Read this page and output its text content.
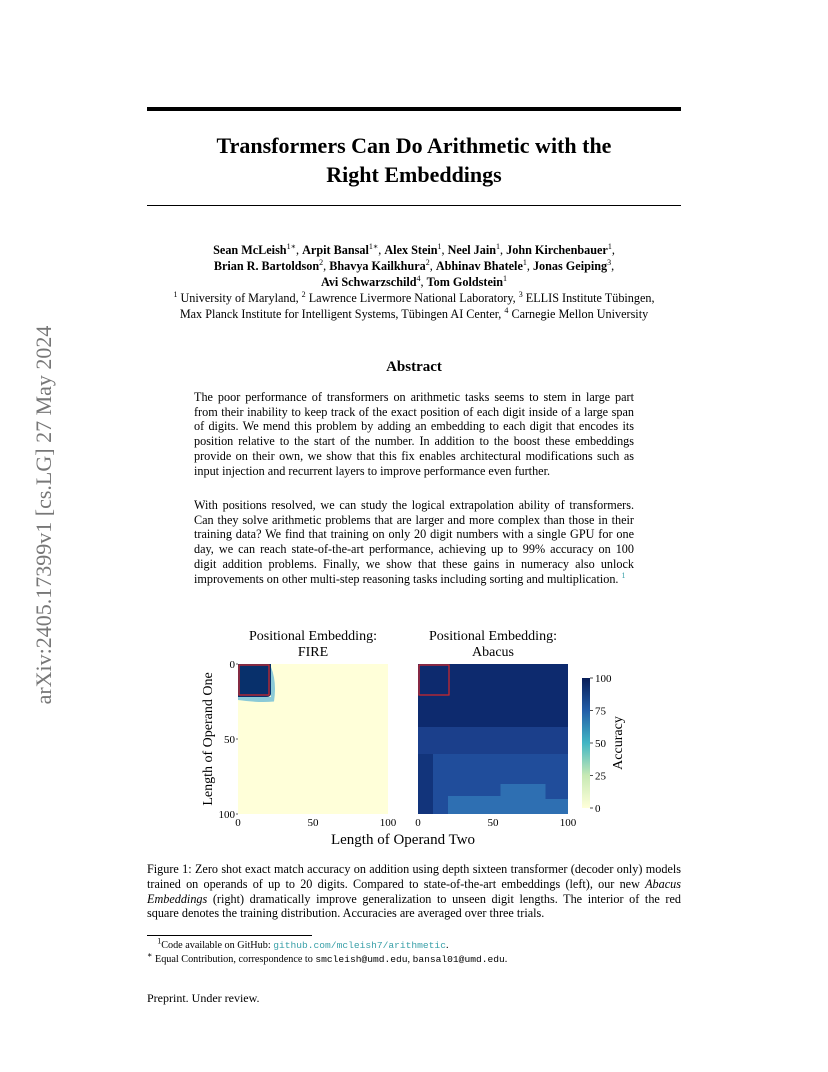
arXiv:2405.17399v1 [cs.LG] 27 May 2024
Transformers Can Do Arithmetic with the
Right Embeddings
Sean McLeish$^{1∗}$, Arpit Bansal$^{1∗}$, Alex Stein$^1$, Neel Jain$^1$, John Kirchenbauer$^1$,
Brian R. Bartoldson$^2$, Bhavya Kailkhura$^2$, Abhinav Bhatele$^1$, Jonas Geiping$^3$,
Avi Schwarzschild$^4$, Tom Goldstein$^1$
$^1$ University of Maryland, $^2$ Lawrence Livermore National Laboratory, $^3$ ELLIS Institute Tübingen,
Max Planck Institute for Intelligent Systems, Tübingen AI Center, $^4$ Carnegie Mellon University
Abstract
The poor performance of transformers on arithmetic tasks seems to stem in large part from their inability to keep track of the exact position of each digit inside of a large span of digits. We mend this problem by adding an embedding to each digit that encodes its position relative to the start of the number. In addition to the boost these embeddings provide on their own, we show that this fix enables architectural modifications such as input injection and recurrent layers to improve performance even further.
With positions resolved, we can study the logical extrapolation ability of transformers. Can they solve arithmetic problems that are larger and more complex than those in their training data? We find that training on only 20 digit numbers with a single GPU for one day, we can reach state-of-the-art performance, achieving up to 99% accuracy on 100 digit addition problems. Finally, we show that these gains in numeracy also unlock improvements on other multi-step reasoning tasks including sorting and multiplication. $^1$
Positional Embedding:
FIRE
Positional Embedding:
Abacus
0
25
50
75
100
Accuracy
0
50
100
0	50	100 0	50	100
Length of Operand One
Length of Operand Two
Figure 1: Zero shot exact match accuracy on addition using depth sixteen transformer (decoder only) models trained on operands of up to 20 digits. Compared to state-of-the-art embeddings (left), our new Abacus Embeddings (right) dramatically improve generalization to unseen digit lengths. The interior of the red square denotes the training distribution. Accuracies are averaged over three trials.
$^1$Code available on GitHub: github.com/mcleish7/arithmetic.
∗ Equal Contribution, correspondence to smcleish@umd.edu, bansal01@umd.edu.
Preprint. Under review.
